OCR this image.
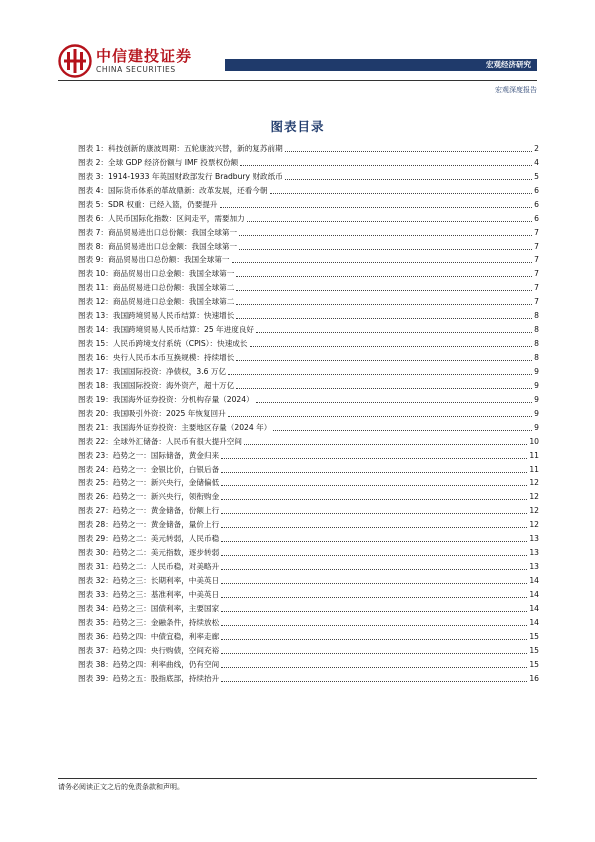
中信建投证券
CHINA SECURITIES
宏观经济研究
宏观深度报告
图表目录
图表 1： 科技创新的康波周期：五轮康波兴替，新的复苏前期	2
图表 2： 全球 GDP 经济份额与 IMF 投票权份额	4
图表 3： 1914-1933 年英国财政部发行 Bradbury 财政纸币	5
图表 4： 国际货币体系的革故鼎新：改革发展，还看今朝	6
图表 5： SDR 权重：已经入篮，仍要提升	6
图表 6： 人民币国际化指数：区间走平，需要加力	6
图表 7： 商品贸易进出口总份额：我国全球第一	7
图表 8： 商品贸易进出口总金额：我国全球第一	7
图表 9： 商品贸易出口总份额：我国全球第一	7
图表 10： 商品贸易出口总金额：我国全球第一	7
图表 11： 商品贸易进口总份额：我国全球第二	7
图表 12： 商品贸易进口总金额：我国全球第二	7
图表 13： 我国跨境贸易人民币结算：快速增长	8
图表 14： 我国跨境贸易人民币结算：25 年进度良好	8
图表 15： 人民币跨境支付系统（CPIS）：快速成长	8
图表 16： 央行人民币本币互换规模：持续增长	8
图表 17： 我国国际投资：净债权，3.6 万亿	9
图表 18： 我国国际投资：海外资产，超十万亿	9
图表 19： 我国海外证券投资：分机构存量（2024）	9
图表 20： 我国吸引外资：2025 年恢复回升	9
图表 21： 我国海外证券投资：主要地区存量（2024 年）	9
图表 22： 全球外汇储备：人民币有很大提升空间	10
图表 23： 趋势之一：国际储备，黄金归来	11
图表 24： 趋势之一：金银比价，白银后备	11
图表 25： 趋势之一：新兴央行，金储偏低	12
图表 26： 趋势之一：新兴央行，领衔购金	12
图表 27： 趋势之一：黄金储备，份额上行	12
图表 28： 趋势之一：黄金储备，量价上行	12
图表 29： 趋势之二：美元转弱，人民币稳	13
图表 30： 趋势之二：美元指数，逐步转弱	13
图表 31： 趋势之二：人民币稳，对美略升	13
图表 32： 趋势之三：长期利率，中美英日	14
图表 33： 趋势之三：基准利率，中美英日	14
图表 34： 趋势之三：国债利率，主要国家	14
图表 35： 趋势之三：金融条件，持续放松	14
图表 36： 趋势之四：中债宜稳，利率走廊	15
图表 37： 趋势之四：央行购债，空间充裕	15
图表 38： 趋势之四：利率曲线，仍有空间	15
图表 39： 趋势之五：股指底部，持续抬升	16
请务必阅读正文之后的免责条款和声明。
